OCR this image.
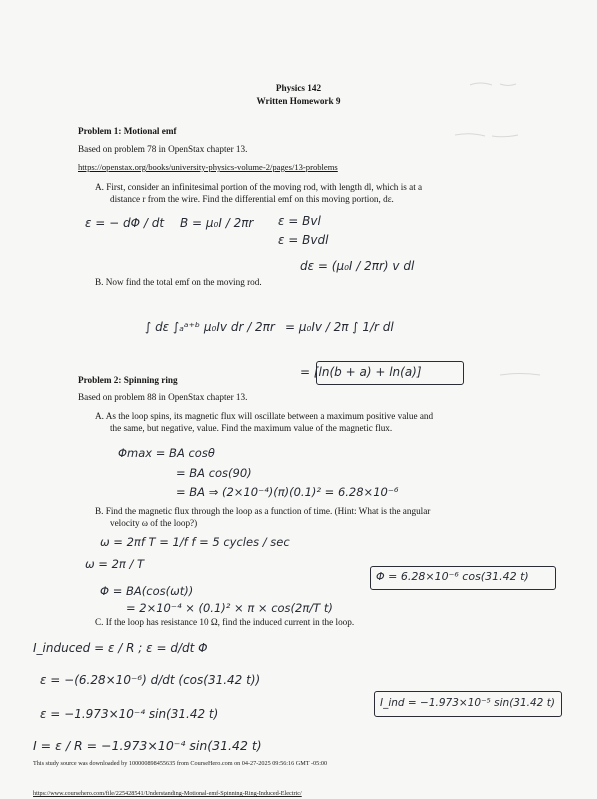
Physics 142
Written Homework 9
Problem 1: Motional emf
Based on problem 78 in OpenStax chapter 13.
https://openstax.org/books/university-physics-volume-2/pages/13-problems
A. First, consider an infinitesimal portion of the moving rod, with length dl, which is at a
distance r from the wire. Find the differential emf on this moving portion, dε.
ε = − dΦ / dt B = μ₀I / 2πr ε = Bvl
ε = Bvdl
dε = (μ₀I / 2πr) v dl
B. Now find the total emf on the moving rod.
∫ dε ∫ₐᵃ⁺ᵇ μ₀Iv dr / 2πr = μ₀Iv / 2π ∫ 1/r dl
= [ln(b + a) + ln(a)]
Problem 2: Spinning ring
Based on problem 88 in OpenStax chapter 13.
A. As the loop spins, its magnetic flux will oscillate between a maximum positive value and
the same, but negative, value. Find the maximum value of the magnetic flux.
Φmax = BA cosθ
= BA cos(90)
= BA ⇒ (2×10⁻⁴)(π)(0.1)² = 6.28×10⁻⁶
B. Find the magnetic flux through the loop as a function of time. (Hint: What is the angular
velocity ω of the loop?)
ω = 2πf T = 1/f f = 5 cycles / sec
ω = 2π / T
Φ = BA(cos(ωt))
= 2×10⁻⁴ × (0.1)² × π × cos(2π/T t)
Φ = 6.28×10⁻⁶ cos(31.42 t)
C. If the loop has resistance 10 Ω, find the induced current in the loop.
I_induced = ε / R ; ε = d/dt Φ
ε = −(6.28×10⁻⁶) d/dt (cos(31.42 t))
ε = −1.973×10⁻⁴ sin(31.42 t)
I = ε / R = −1.973×10⁻⁴ sin(31.42 t)
I_ind = −1.973×10⁻⁵ sin(31.42 t)
This study source was downloaded by 100000898455635 from CourseHero.com on 04-27-2025 09:56:16 GMT -05:00
https://www.coursehero.com/file/225428541/Understanding-Motional-emf-Spinning-Ring-Induced-Electric/
